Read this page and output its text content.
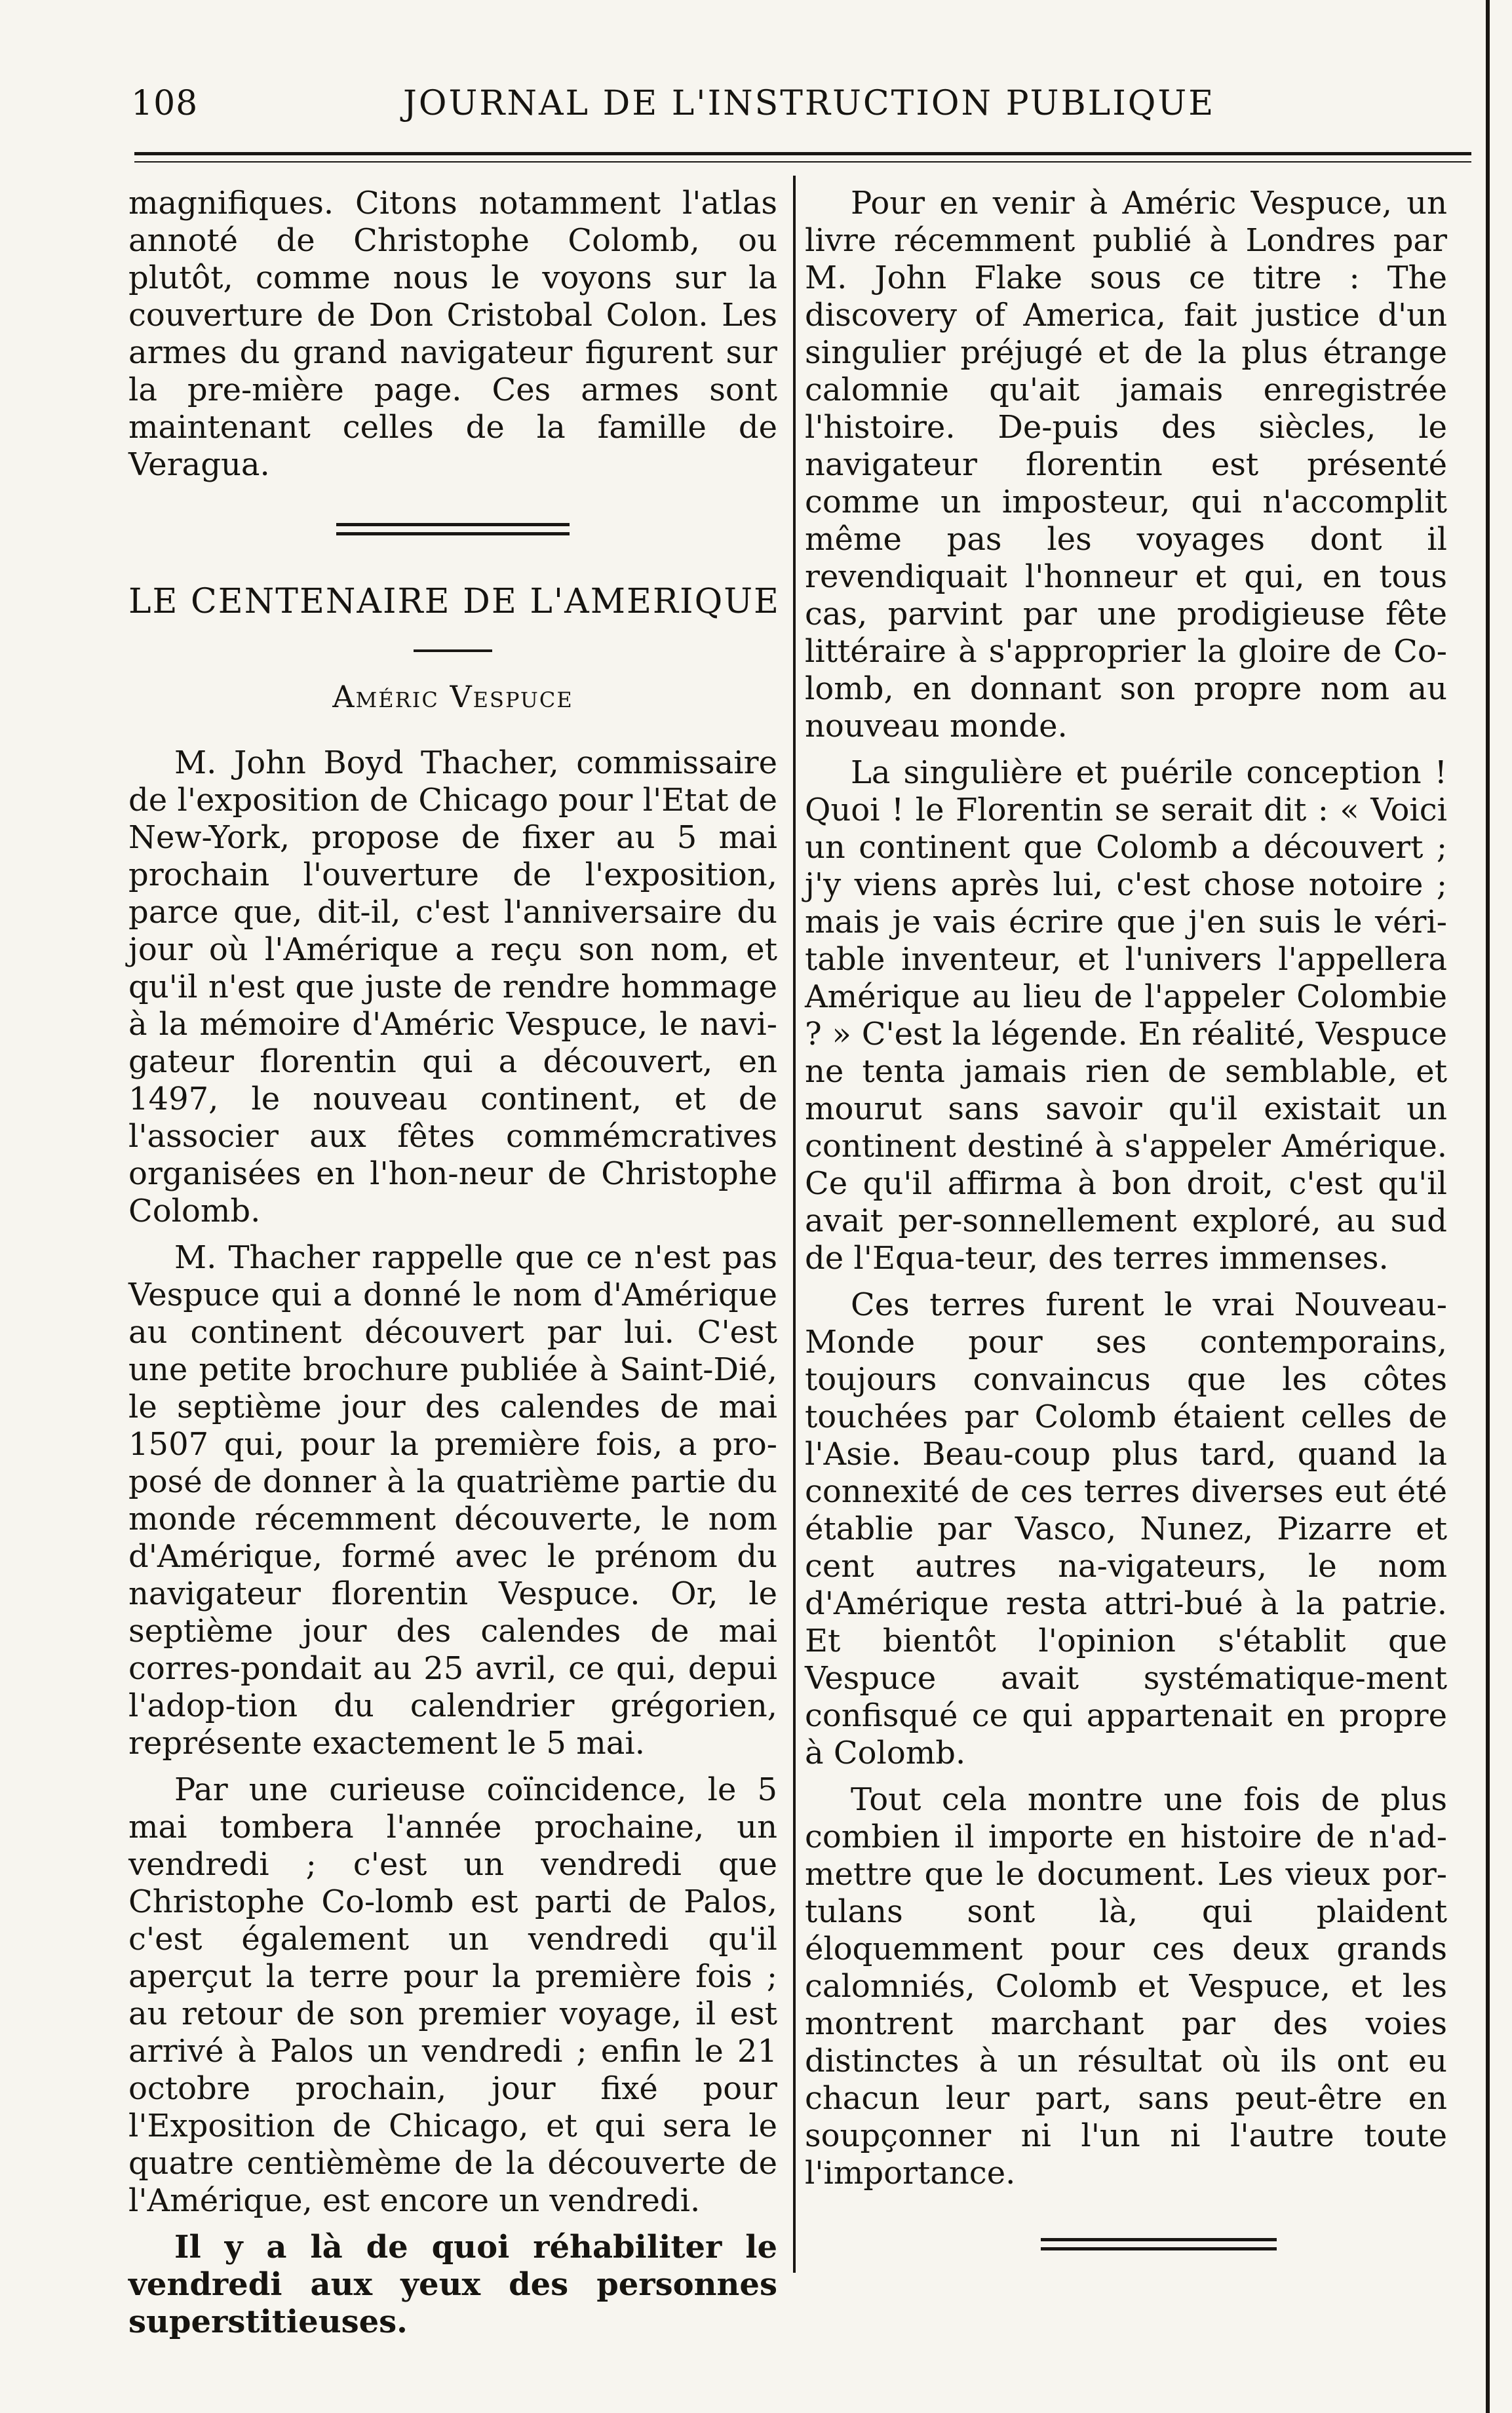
108	JOURNAL DE L'INSTRUCTION PUBLIQUE

magnifiques. Citons notamment l'atlas annoté de Christophe Colomb, ou plutôt, comme nous le voyons sur la couverture de Don Cristobal Colon. Les armes du grand navigateur figurent sur la pre-mière page. Ces armes sont maintenant celles de la famille de Veragua.

LE CENTENAIRE DE L'AMERIQUE
Améric Vespuce

M. John Boyd Thacher, commissaire de l'exposition de Chicago pour l'Etat de New-York, propose de fixer au 5 mai prochain l'ouverture de l'exposition, parce que, dit-il, c'est l'anniversaire du jour où l'Amérique a reçu son nom, et qu'il n'est que juste de rendre hommage à la mémoire d'Améric Vespuce, le navi-gateur florentin qui a découvert, en 1497, le nouveau continent, et de l'associer aux fêtes commémcratives organisées en l'hon-neur de Christophe Colomb.

M. Thacher rappelle que ce n'est pas Vespuce qui a donné le nom d'Amérique au continent découvert par lui. C'est une petite brochure publiée à Saint-Dié, le septième jour des calendes de mai 1507 qui, pour la première fois, a pro-posé de donner à la quatrième partie du monde récemment découverte, le nom d'Amérique, formé avec le prénom du navigateur florentin Vespuce. Or, le septième jour des calendes de mai corres-pondait au 25 avril, ce qui, depui l'adop-tion du calendrier grégorien, représente exactement le 5 mai.

Par une curieuse coïncidence, le 5 mai tombera l'année prochaine, un vendredi ; c'est un vendredi que Christophe Co-lomb est parti de Palos, c'est également un vendredi qu'il aperçut la terre pour la première fois ; au retour de son premier voyage, il est arrivé à Palos un vendredi ; enfin le 21 octobre prochain, jour fixé pour l'Exposition de Chicago, et qui sera le quatre centièmème de la découverte de l'Amérique, est encore un vendredi.

Il y a là de quoi réhabiliter le vendredi aux yeux des personnes superstitieuses.

Pour en venir à Améric Vespuce, un livre récemment publié à Londres par M. John Flake sous ce titre : The discovery of America, fait justice d'un singulier préjugé et de la plus étrange calomnie qu'ait jamais enregistrée l'histoire. De-puis des siècles, le navigateur florentin est présenté comme un imposteur, qui n'accomplit même pas les voyages dont il revendiquait l'honneur et qui, en tous cas, parvint par une prodigieuse fête littéraire à s'approprier la gloire de Co-lomb, en donnant son propre nom au nouveau monde.

La singulière et puérile conception ! Quoi ! le Florentin se serait dit : « Voici un continent que Colomb a découvert ; j'y viens après lui, c'est chose notoire ; mais je vais écrire que j'en suis le véri-table inventeur, et l'univers l'appellera Amérique au lieu de l'appeler Colombie ? » C'est la légende. En réalité, Vespuce ne tenta jamais rien de semblable, et mourut sans savoir qu'il existait un continent destiné à s'appeler Amérique. Ce qu'il affirma à bon droit, c'est qu'il avait per-sonnellement exploré, au sud de l'Equa-teur, des terres immenses.

Ces terres furent le vrai Nouveau-Monde pour ses contemporains, toujours convaincus que les côtes touchées par Colomb étaient celles de l'Asie. Beau-coup plus tard, quand la connexité de ces terres diverses eut été établie par Vasco, Nunez, Pizarre et cent autres na-vigateurs, le nom d'Amérique resta attri-bué à la patrie. Et bientôt l'opinion s'établit que Vespuce avait systématique-ment confisqué ce qui appartenait en propre à Colomb.

Tout cela montre une fois de plus combien il importe en histoire de n'ad-mettre que le document. Les vieux por-tulans sont là, qui plaident éloquemment pour ces deux grands calomniés, Colomb et Vespuce, et les montrent marchant par des voies distinctes à un résultat où ils ont eu chacun leur part, sans peut-être en soupçonner ni l'un ni l'autre toute l'importance.
